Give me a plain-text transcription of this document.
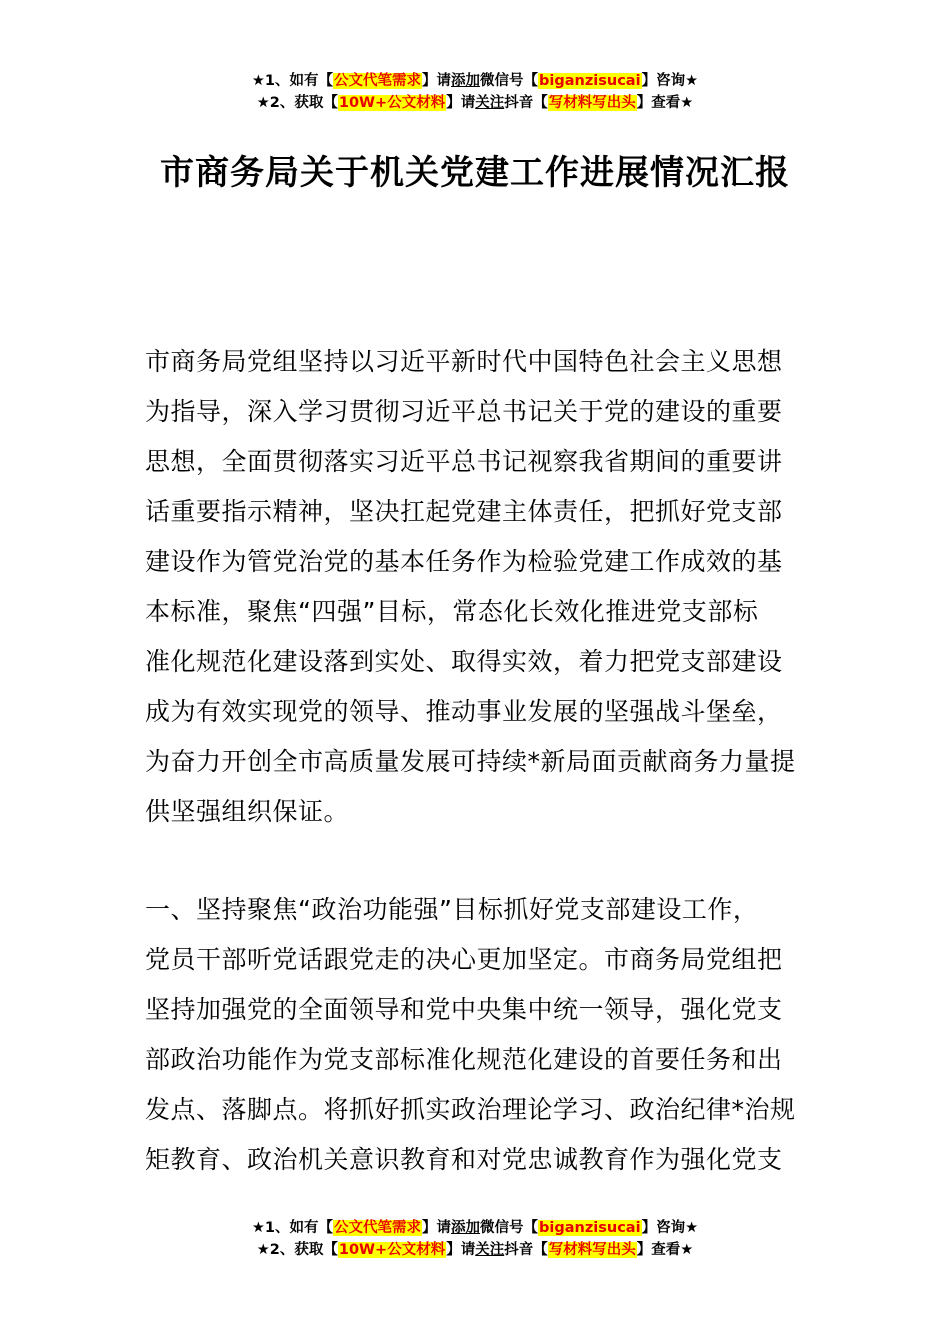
★1、如有【公文代笔需求】请添加微信号【biganzisucai】咨询★
★2、获取【10W+公文材料】请关注抖音【写材料写出头】查看★
市商务局关于机关党建工作进展情况汇报
市商务局党组坚持以习近平新时代中国特色社会主义思想
为指导，深入学习贯彻习近平总书记关于党的建设的重要
思想，全面贯彻落实习近平总书记视察我省期间的重要讲
话重要指示精神，坚决扛起党建主体责任，把抓好党支部
建设作为管党治党的基本任务作为检验党建工作成效的基
本标准，聚焦“四强”目标，常态化长效化推进党支部标
准化规范化建设落到实处、取得实效，着力把党支部建设
成为有效实现党的领导、推动事业发展的坚强战斗堡垒，
为奋力开创全市高质量发展可持续*新局面贡献商务力量提
供坚强组织保证。
一、坚持聚焦“政治功能强”目标抓好党支部建设工作，
党员干部听党话跟党走的决心更加坚定。市商务局党组把
坚持加强党的全面领导和党中央集中统一领导，强化党支
部政治功能作为党支部标准化规范化建设的首要任务和出
发点、落脚点。将抓好抓实政治理论学习、政治纪律*治规
矩教育、政治机关意识教育和对党忠诚教育作为强化党支
★1、如有【公文代笔需求】请添加微信号【biganzisucai】咨询★
★2、获取【10W+公文材料】请关注抖音【写材料写出头】查看★
